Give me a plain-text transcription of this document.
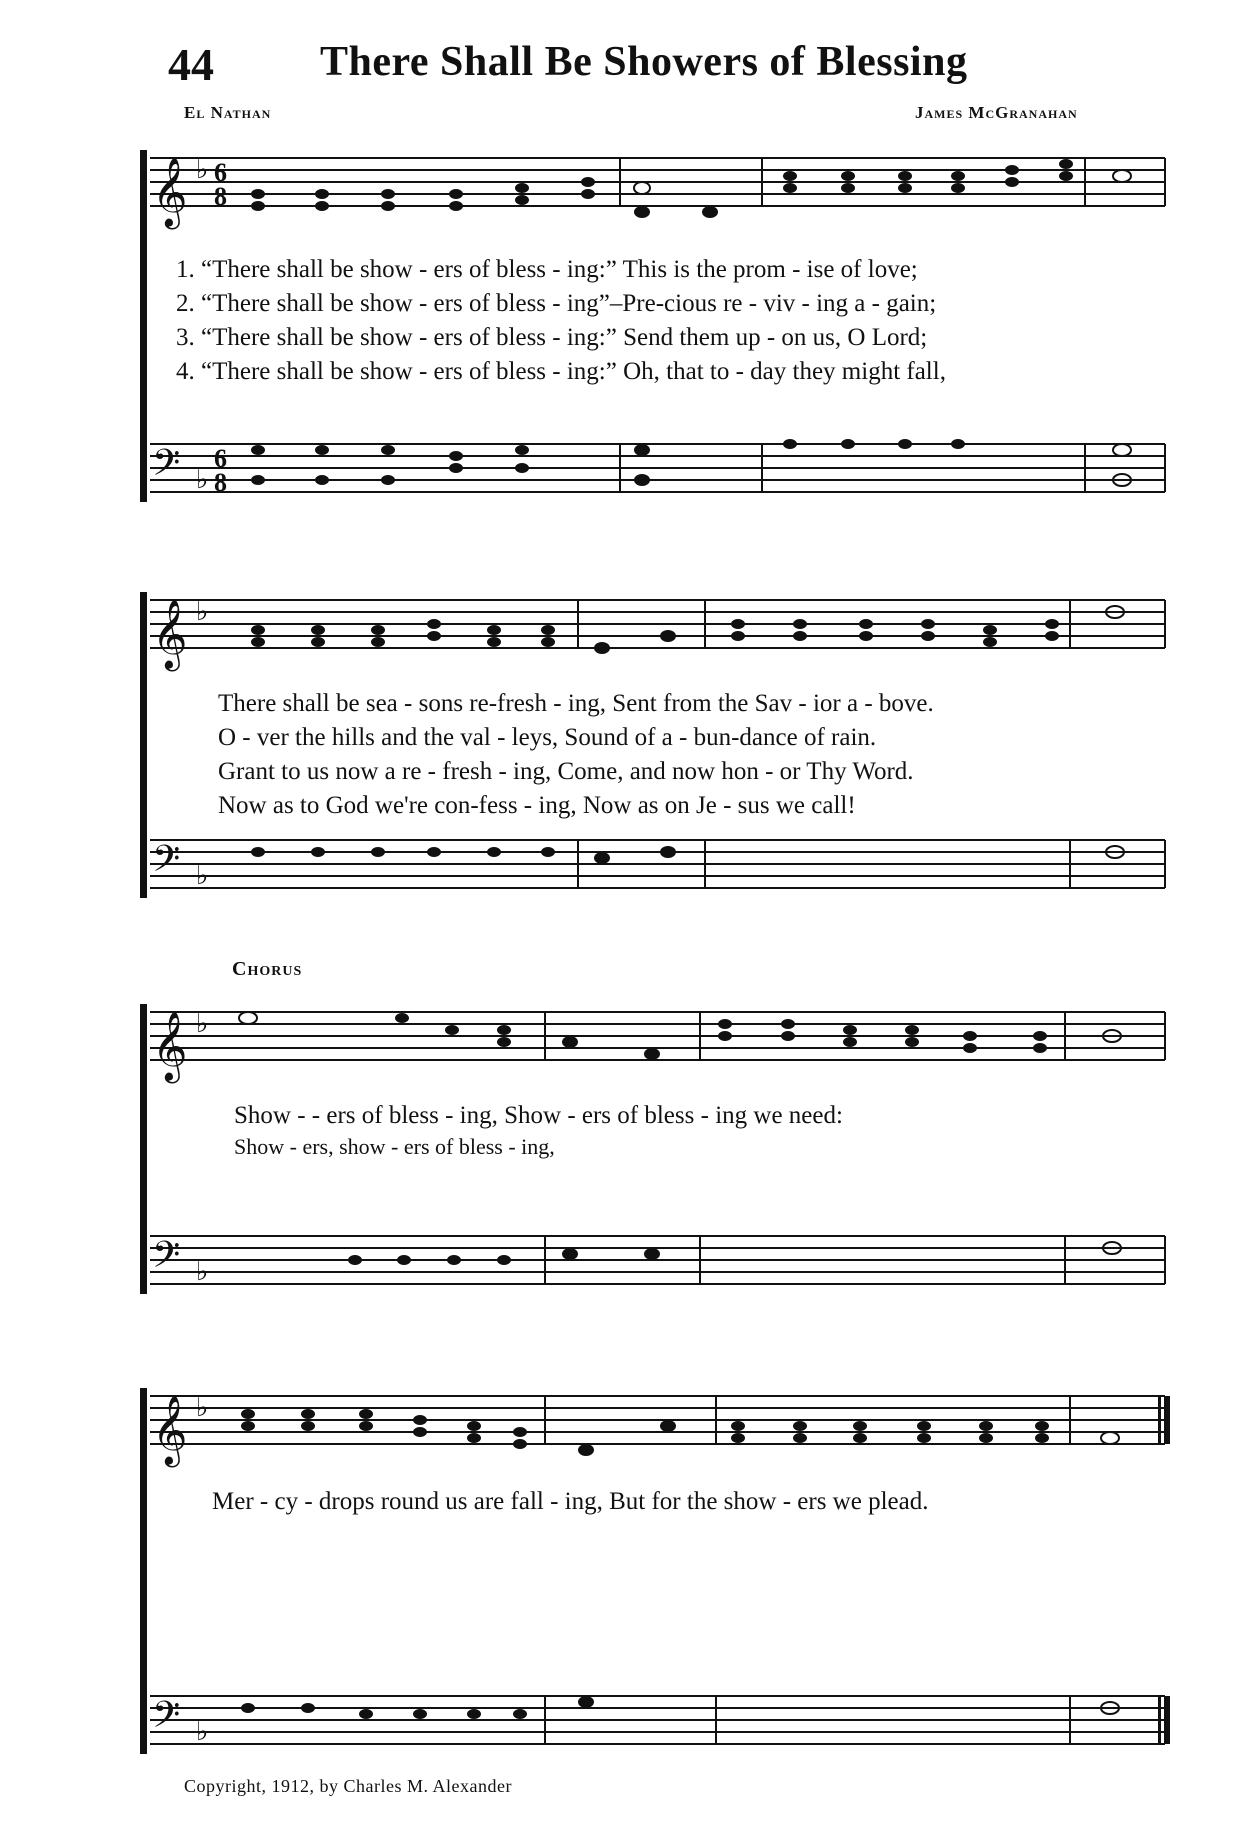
44	There Shall Be Showers of Blessing
El Nathan	James McGranahan
𝄞
𝄞
𝄞
𝄞
𝄢
𝄢
𝄢
𝄢
♭
♭
♭
♭
♭
♭
♭
♭
6
8
6
8
1. “There shall be show - ers of bless - ing:” This is the prom - ise of love;
2. “There shall be show - ers of bless - ing”–Pre-cious re - viv - ing a - gain;
3. “There shall be show - ers of bless - ing:” Send them up - on us, O Lord;
4. “There shall be show - ers of bless - ing:” Oh, that to - day they might fall,
There shall be sea - sons re-fresh - ing, Sent from the Sav - ior a - bove.
O - ver the hills and the val - leys, Sound of a - bun-dance of rain.
Grant to us now a re - fresh - ing, Come, and now hon - or Thy Word.
Now as to God we're con-fess - ing, Now as on Je - sus we call!
Chorus
Show - - ers of bless - ing, Show - ers of bless - ing we need:
Show - ers, show - ers of bless - ing,
Mer - cy - drops round us are fall - ing, But for the show - ers we plead.
Copyright, 1912, by Charles M. Alexander
